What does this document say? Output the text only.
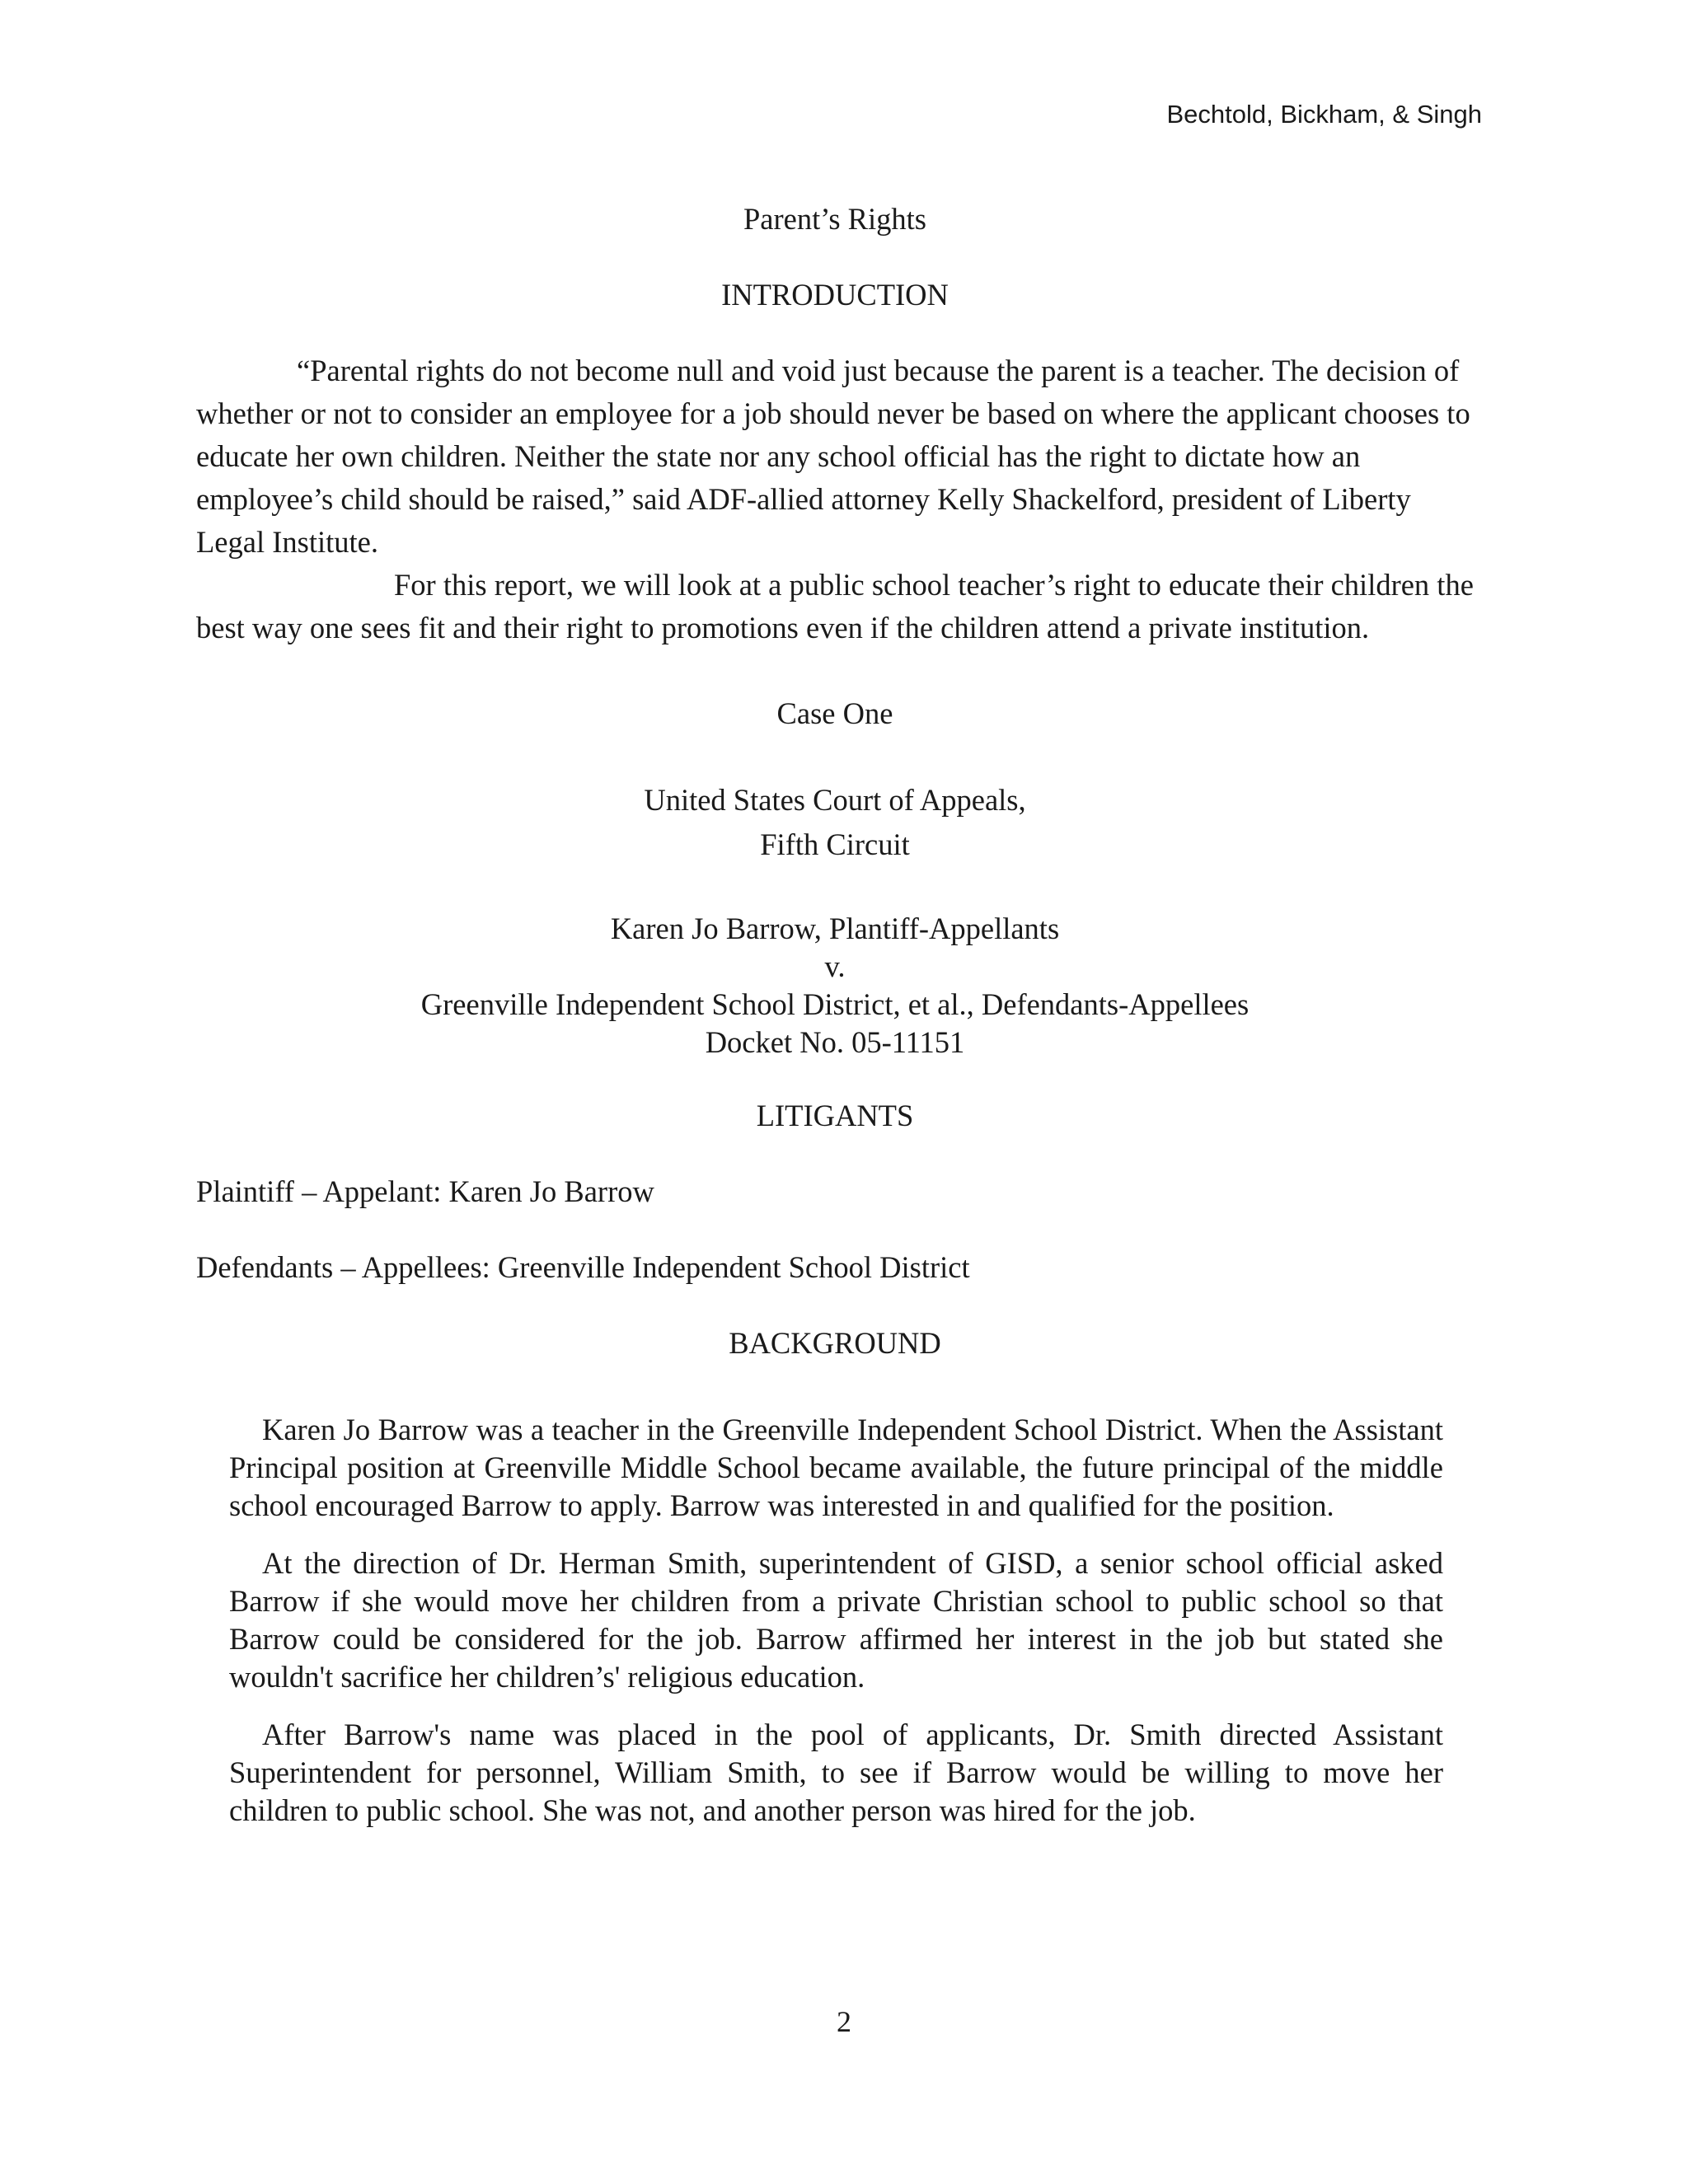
Bechtold, Bickham, & Singh

Parent’s Rights

INTRODUCTION

“Parental rights do not become null and void just because the parent is a teacher. The decision of whether or not to consider an employee for a job should never be based on where the applicant chooses to educate her own children. Neither the state nor any school official has the right to dictate how an employee’s child should be raised,” said ADF-allied attorney Kelly Shackelford, president of Liberty Legal Institute.

For this report, we will look at a public school teacher’s right to educate their children the best way one sees fit and their right to promotions even if the children attend a private institution.

Case One

United States Court of Appeals,

Fifth Circuit

Karen Jo Barrow, Plantiff-Appellants

v.

Greenville Independent School District, et al., Defendants-Appellees

Docket No. 05-11151

LITIGANTS

Plaintiff – Appelant: Karen Jo Barrow

Defendants – Appellees: Greenville Independent School District

BACKGROUND

Karen Jo Barrow was a teacher in the Greenville Independent School District. When the Assistant Principal position at Greenville Middle School became available, the future principal of the middle school encouraged Barrow to apply. Barrow was interested in and qualified for the position.

At the direction of Dr. Herman Smith, superintendent of GISD, a senior school official asked Barrow if she would move her children from a private Christian school to public school so that Barrow could be considered for the job. Barrow affirmed her interest in the job but stated she wouldn't sacrifice her children’s' religious education.

After Barrow's name was placed in the pool of applicants, Dr. Smith directed Assistant Superintendent for personnel, William Smith, to see if Barrow would be willing to move her children to public school. She was not, and another person was hired for the job.

2
